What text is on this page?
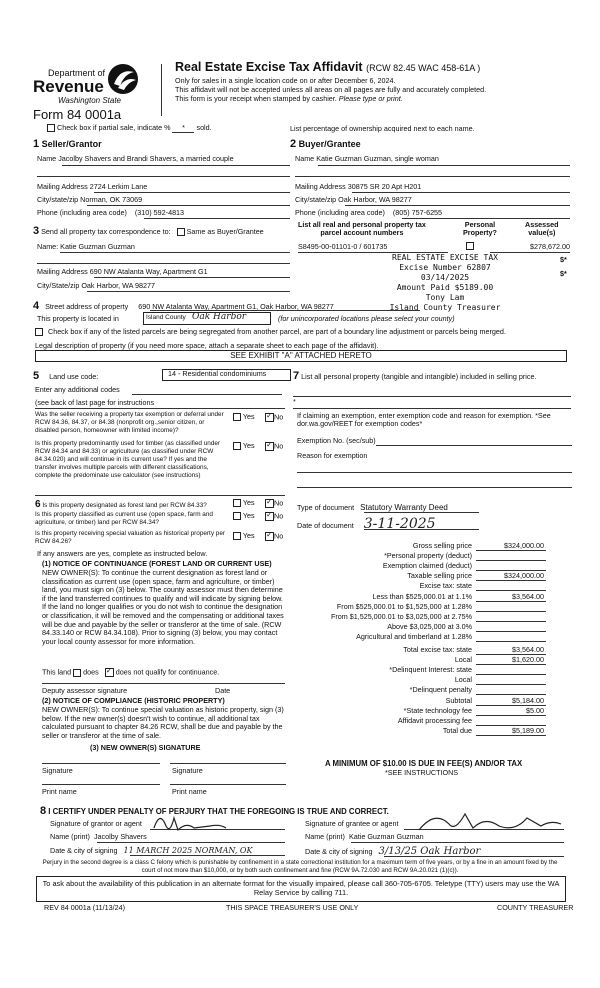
Department of
Revenue
Washington State
Form 84 0001a
Real Estate Excise Tax Affidavit (RCW 82.45 WAC 458-61A )
Only for sales in a single location code on or after December 6, 2024.
This affidavit will not be accepted unless all areas on all pages are fully and accurately completed.
This form is your receipt when stamped by cashier. Please type or print.
Check box if partial sale, indicate % * sold.	List percentage of ownership acquired next to each name.
1 Seller/Grantor
Name Jacolby Shavers and Brandi Shavers, a married couple
Mailing Address 2724 Lerkim Lane
City/state/zip Norman, OK 73069
Phone (including area code) (310) 592-4813
2 Buyer/Grantee
Name Katie Guzman Guzman, single woman
Mailing Address 30875 SR 20 Apt H201
City/state/zip Oak Harbor, WA 98277
Phone (including area code) (805) 757-6255
3 Send all property tax correspondence to: Same as Buyer/Grantee
Name: Katie Guzman Guzman
Mailing Address 690 NW Atalanta Way, Apartment G1
City/State/zip Oak Harbor, WA 98277
List all real and personal property tax
parcel account numbers
Personal
Property?
Assessed
value(s)
S8495-00-01101-0 / 601735	$278,672.00
REAL ESTATE EXCISE TAX
Excise Number 62807
03/14/2025
Amount Paid $5189.00
Tony Lam
Island County Treasurer
$*
$*
4 Street address of property 690 NW Atalanta Way, Apartment G1, Oak Harbor, WA 98277
This property is located in	Island County Oak Harbor	(for unincorporated locations please select your county)
Check box if any of the listed parcels are being segregated from another parcel, are part of a boundary line adjustment or parcels being merged.
Legal description of property (if you need more space, attach a separate sheet to each page of the affidavit).
SEE EXHIBIT "A" ATTACHED HERETO
5 Land use code:	14 - Residential condominiums
Enter any additional codes
(see back of last page for instructions
Was the seller receiving a property tax exemption or deferral under RCW 84.36, 84.37, or 84.38 (nonprofit org.,senior citizen, or disabled person, homeowner with limited income)?
Yes ✓	No
Is this property predominantly used for timber (as classified under RCW 84.34 and 84.33) or agriculture (as classified under RCW 84.34.020) and will continue in its current use? If yes and the transfer involves multiple parcels with different classifications, complete the predominate use calculator (see instructions)
Yes ✓	No
7 List all personal property (tangible and intangible) included in selling price.
*
If claiming an exemption, enter exemption code and reason for exemption. *See dor.wa.gov/REET for exemption codes*
Exemption No. (sec/sub)
Reason for exemption
6 Is this property designated as forest land per RCW 84.33?	Yes ✓	No
Is this property classified as current use (open space, farm and agriculture, or timber) land per RCW 84.34?
Yes ✓	No
Is this property receiving special valuation as historical property per RCW 84.26?
Yes ✓	No
If any answers are yes, complete as instructed below.
(1) NOTICE OF CONTINUANCE (FOREST LAND OR CURRENT USE)
NEW OWNER(S): To continue the current designation as forest land or classification as current use (open space, farm and agriculture, or timber) land, you must sign on (3) below. The county assessor must then determine if the land transferred continues to qualify and will indicate by signing below. If the land no longer qualifies or you do not wish to continue the designation or classification, it will be removed and the compensating or additional taxes will be due and payable by the seller or transferor at the time of sale. (RCW 84.33.140 or RCW 84.34.108). Prior to signing (3) below, you may contact your local county assessor for more information.
This land does ✓ does not qualify for continuance.
Deputy assessor signature	Date
(2) NOTICE OF COMPLIANCE (HISTORIC PROPERTY)
NEW OWNER(S): To continue special valuation as historic property, sign (3) below. If the new owner(s) doesn't wish to continue, all additional tax calculated pursuant to chapter 84.26 RCW, shall be due and payable by the seller or transferor at the time of sale.
(3) NEW OWNER(S) SIGNATURE
Signature	Signature
Print name	Print name
Type of document Statutory Warranty Deed
Date of document 3-11-2025
Gross selling price	$324,000.00
*Personal property (deduct)
Exemption claimed (deduct)
Taxable selling price	$324,000.00
Excise tax: state
Less than $525,000.01 at 1.1%	$3,564.00
From $525,000.01 to $1,525,000 at 1.28%
From $1,525,000.01 to $3,025,000 at 2.75%
Above $3,025,000 at 3.0%
Agricultural and timberland at 1.28%
Total excise tax: state	$3,564.00
Local	$1,620.00
*Delinquent Interest: state
Local
*Delinquent penalty
Subtotal	$5,184.00
*State technology fee	$5.00
Affidavit processing fee
Total due	$5,189.00
A MINIMUM OF $10.00 IS DUE IN FEE(S) AND/OR TAX
*SEE INSTRUCTIONS
8 I CERTIFY UNDER PENALTY OF PERJURY THAT THE FOREGOING IS TRUE AND CORRECT.
Signature of grantor or agent
Name (print) Jacolby Shavers
Date & city of signing 11 MARCH 2025 NORMAN, OK
Signature of grantee or agent
Name (print) Katie Guzman Guzman
Date & city of signing 3/13/25 Oak Harbor
Perjury in the second degree is a class C felony which is punishable by confinement in a state correctional institution for a maximum term of five years, or by a fine in an amount fixed by the court of not more than $10,000, or by both such confinement and fine (RCW 9A.72.030 and RCW 9A.20.021 (1)(c)).
To ask about the availability of this publication in an alternate format for the visually impaired, please call 360-705-6705. Teletype (TTY) users may use the WA Relay Service by calling 711.
REV 84 0001a (11/13/24)	THIS SPACE TREASURER'S USE ONLY	COUNTY TREASURER
